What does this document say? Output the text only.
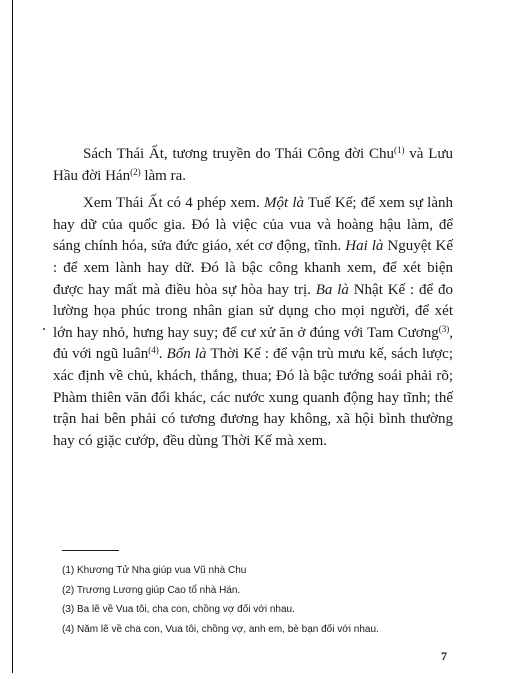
Sách Thái Ất, tương truyền do Thái Công đời Chu$^{(1)}$ và Lưu Hầu đời Hán$^{(2)}$ làm ra.

Xem Thái Ất có 4 phép xem. Một là Tuế Kế; để xem sự lành hay dữ của quốc gia. Đó là việc của vua và hoàng hậu làm, để sáng chính hóa, sửa đức giáo, xét cơ động, tĩnh. Hai là Nguyệt Kế : để xem lành hay dữ. Đó là bậc công khanh xem, để xét biện được hay mất mà điều hòa sự hòa hay trị. Ba là Nhật Kế : để đo lường họa phúc trong nhân gian sử dụng cho mọi người, để xét lớn hay nhỏ, hưng hay suy; để cư xử ăn ở đúng với Tam Cương$^{(3)}$, đủ với ngũ luân$^{(4)}$. Bốn là Thời Kế : để vận trù mưu kế, sách lược; xác định về chủ, khách, thắng, thua; Đó là bậc tướng soái phải rõ; Phàm thiên văn đổi khác, các nước xung quanh động hay tĩnh; thế trận hai bên phải có tương đương hay không, xã hội bình thường hay có giặc cướp, đều dùng Thời Kế mà xem.

(1) Khương Tử Nha giúp vua Vũ nhà Chu
(2) Trương Lương giúp Cao tổ nhà Hán.
(3) Ba lẽ về Vua tôi, cha con, chồng vợ đối với nhau.
(4) Năm lẽ về cha con, Vua tôi, chồng vợ, anh em, bè bạn đối với nhau.
7
